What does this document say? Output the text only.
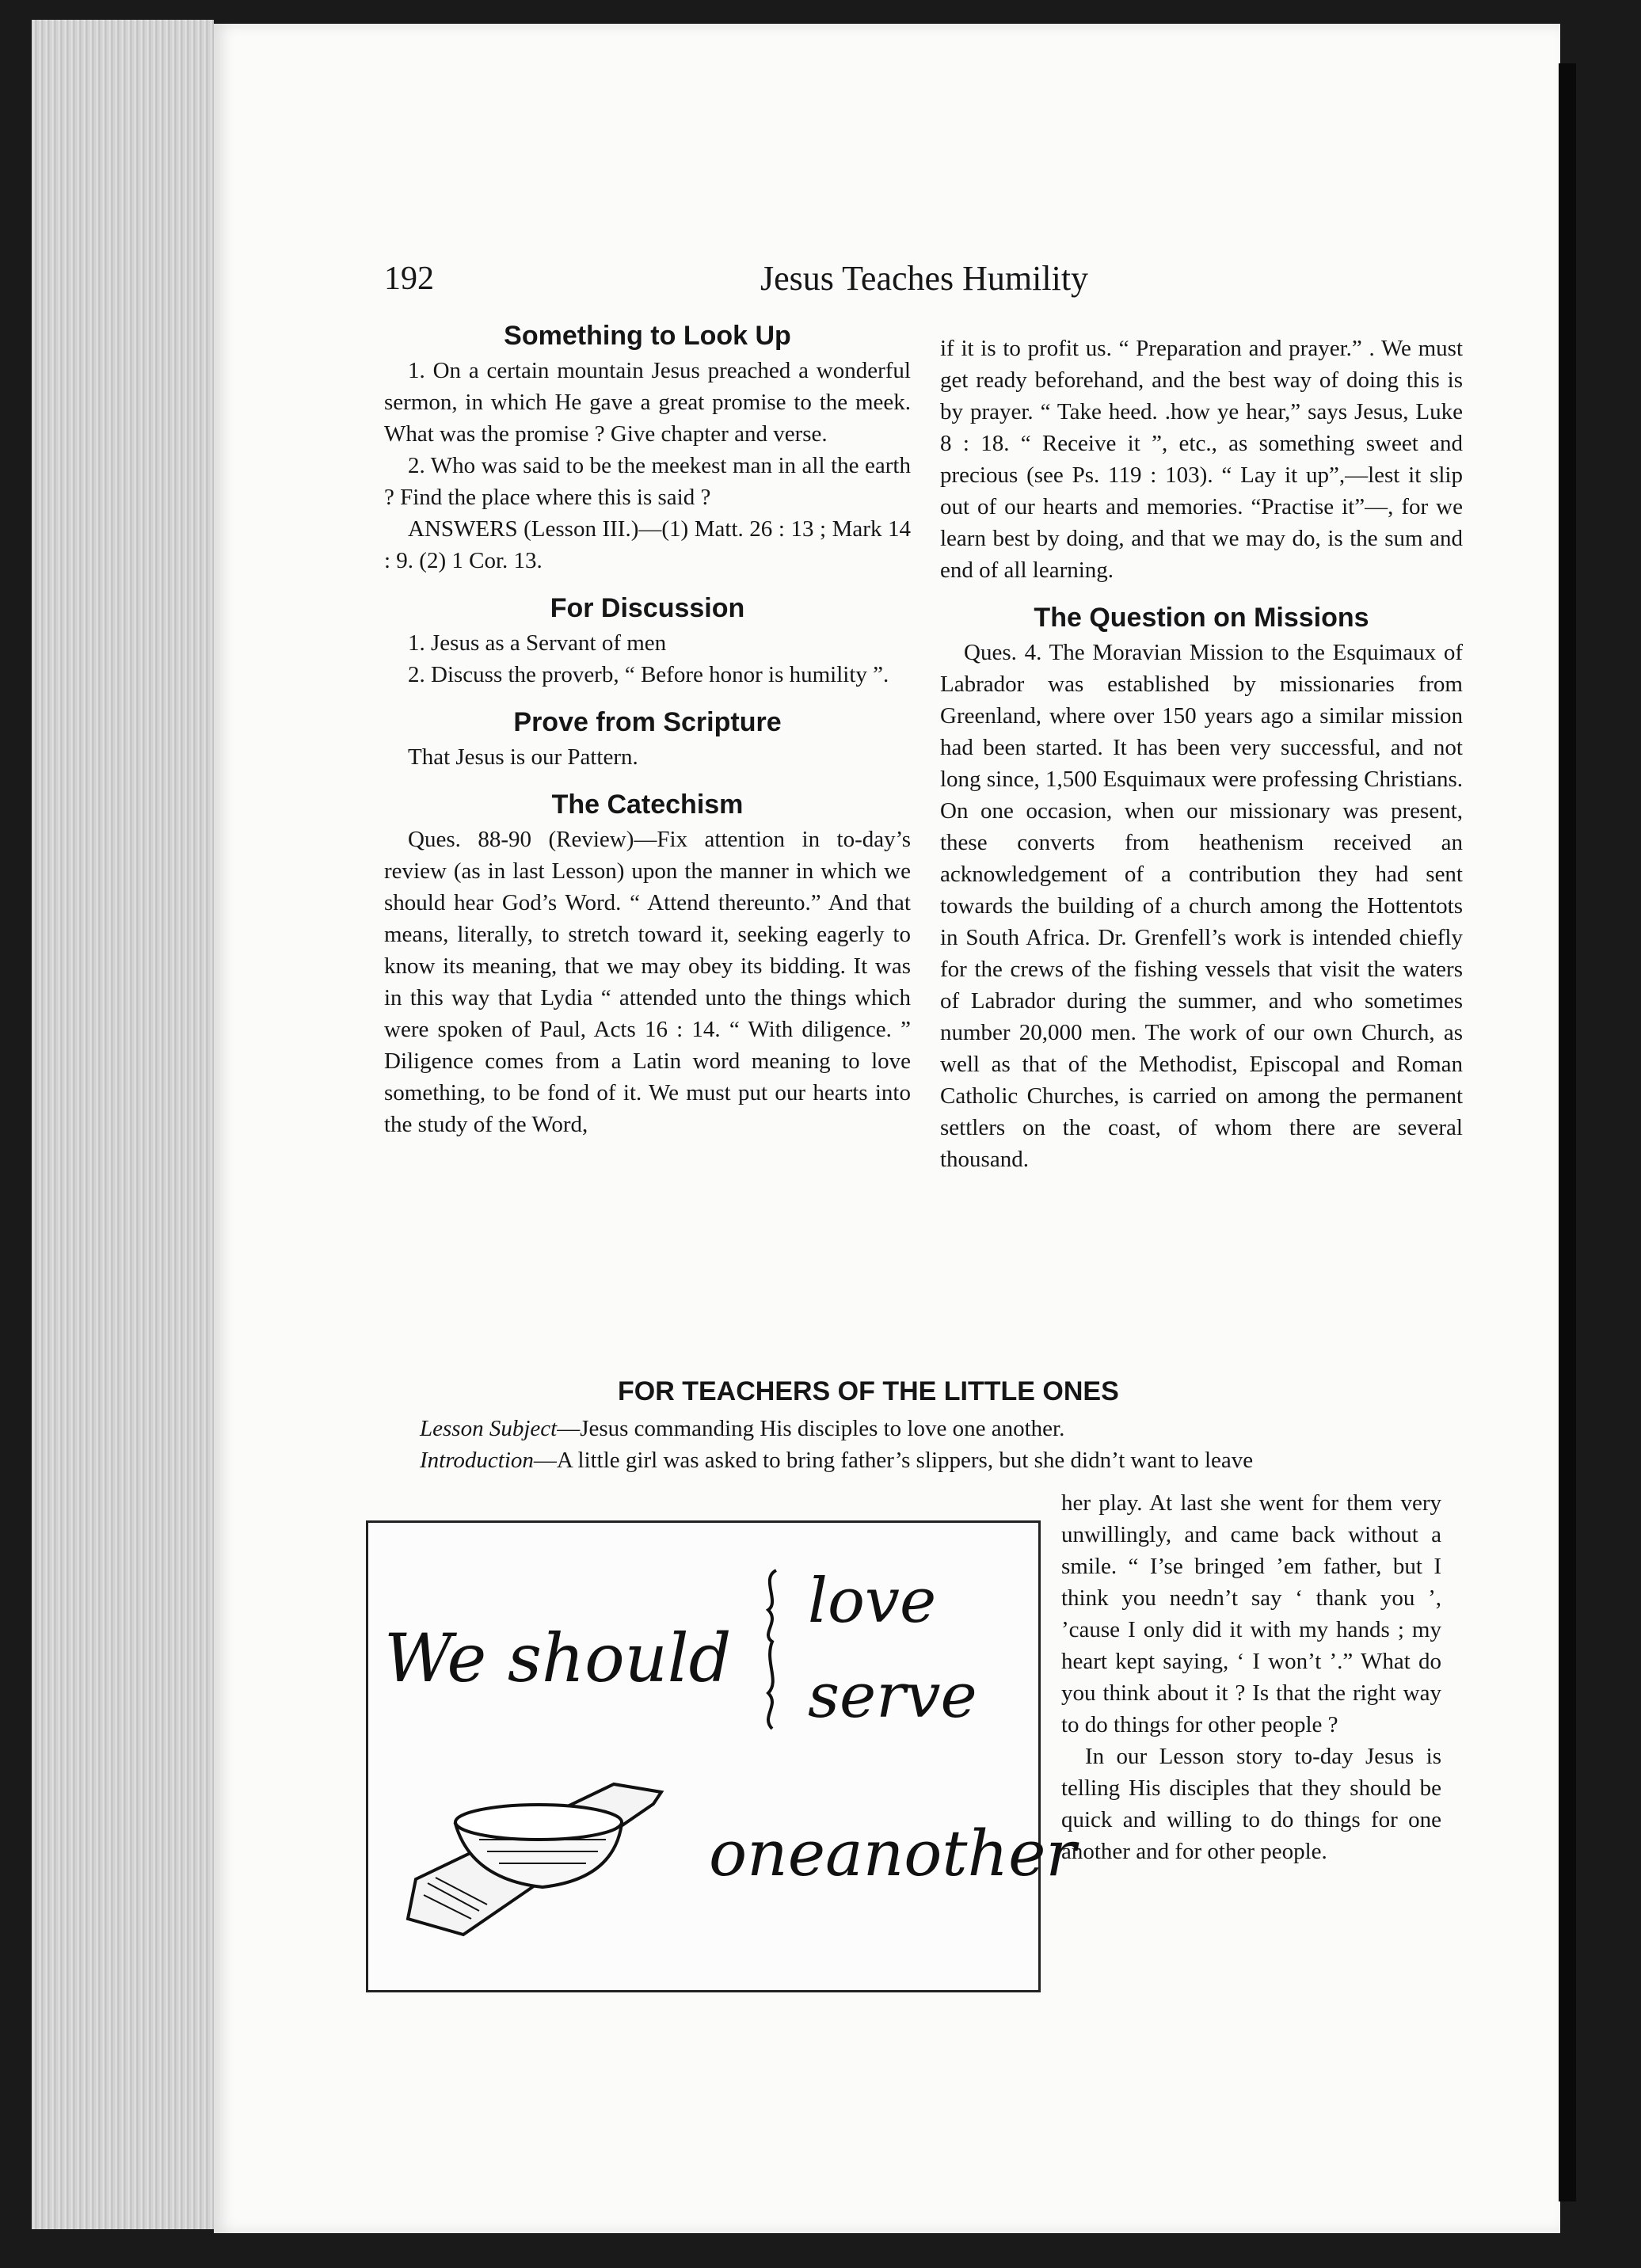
192	Jesus Teaches Humility
Something to Look Up

1. On a certain mountain Jesus preached a wonderful sermon, in which He gave a great promise to the meek. What was the promise ? Give chapter and verse.

2. Who was said to be the meekest man in all the earth ? Find the place where this is said ?

ANSWERS (Lesson III.)—(1) Matt. 26 : 13 ; Mark 14 : 9. (2) 1 Cor. 13.

For Discussion

1. Jesus as a Servant of men

2. Discuss the proverb, “ Before honor is humility ”.

Prove from Scripture

That Jesus is our Pattern.

The Catechism

Ques. 88-90 (Review)—Fix attention in to-day’s review (as in last Lesson) upon the manner in which we should hear God’s Word. “ Attend thereunto.” And that means, literally, to stretch toward it, seeking eagerly to know its meaning, that we may obey its bidding. It was in this way that Lydia “ attended unto the things which were spoken of Paul, Acts 16 : 14. “ With diligence. ” Diligence comes from a Latin word meaning to love something, to be fond of it. We must put our hearts into the study of the Word,

if it is to profit us. “ Preparation and prayer.” . We must get ready beforehand, and the best way of doing this is by prayer. “ Take heed. .how ye hear,” says Jesus, Luke 8 : 18. “ Receive it ”, etc., as something sweet and precious (see Ps. 119 : 103). “ Lay it up”,—lest it slip out of our hearts and memories. “Practise it”—, for we learn best by doing, and that we may do, is the sum and end of all learning.

The Question on Missions

Ques. 4. The Moravian Mission to the Esquimaux of Labrador was established by missionaries from Greenland, where over 150 years ago a similar mission had been started. It has been very successful, and not long since, 1,500 Esquimaux were professing Christians. On one occasion, when our missionary was present, these converts from heathenism received an acknowledgement of a contribution they had sent towards the building of a church among the Hottentots in South Africa. Dr. Grenfell’s work is intended chiefly for the crews of the fishing vessels that visit the waters of Labrador during the summer, and who sometimes number 20,000 men. The work of our own Church, as well as that of the Methodist, Episcopal and Roman Catholic Churches, is carried on among the permanent settlers on the coast, of whom there are several thousand.

FOR TEACHERS OF THE LITTLE ONES
Lesson Subject—Jesus commanding His disciples to love one another.
Introduction—A little girl was asked to bring father’s slippers, but she didn’t want to leave

her play. At last she went for them very unwillingly, and came back without a smile. “ I’se bringed ’em father, but I think you needn’t say ‘ thank you ’, ’cause I only did it with my hands ; my heart kept saying, ‘ I won’t ’.” What do you think about it ? Is that the right way to do things for other people ?

In our Lesson story to-day Jesus is telling His disciples that they should be quick and willing to do things for one another and for other people.

We should
love
serve
oneanother
